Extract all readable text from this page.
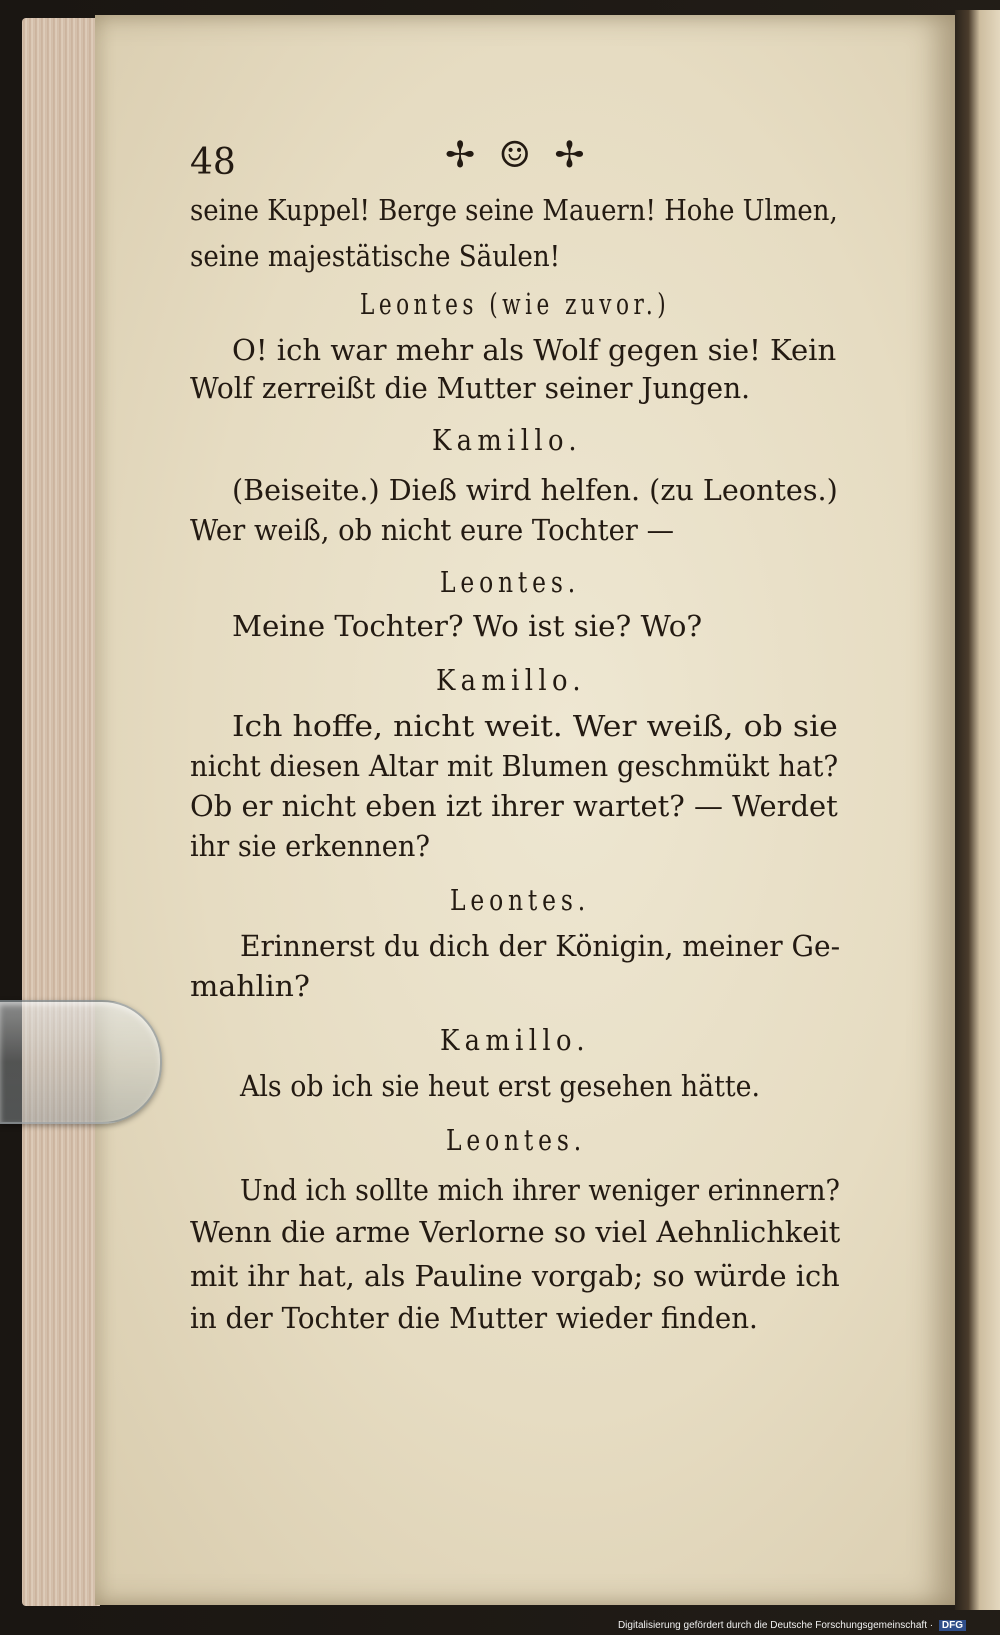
48	✢ ☺ ✢
seine Kuppel! Berge seine Mauern! Hohe Ulmen,
seine majestätische Säulen!
Leontes (wie zuvor.)
O! ich war mehr als Wolf gegen sie! Kein
Wolf zerreißt die Mutter seiner Jungen.
Kamillo.
(Beiseite.) Dieß wird helfen. (zu Leontes.)
Wer weiß, ob nicht eure Tochter —
Leontes.
Meine Tochter? Wo ist sie? Wo?
Kamillo.
Ich hoffe, nicht weit. Wer weiß, ob sie
nicht diesen Altar mit Blumen geschmükt hat?
Ob er nicht eben izt ihrer wartet? — Werdet
ihr sie erkennen?
Leontes.
Erinnerst du dich der Königin, meiner Ge-
mahlin?
Kamillo.
Als ob ich sie heut erst gesehen hätte.
Leontes.
Und ich sollte mich ihrer weniger erinnern?
Wenn die arme Verlorne so viel Aehnlichkeit
mit ihr hat, als Pauline vorgab; so würde ich
in der Tochter die Mutter wieder finden.
Digitalisierung gefördert durch die Deutsche Forschungsgemeinschaft · DFG
